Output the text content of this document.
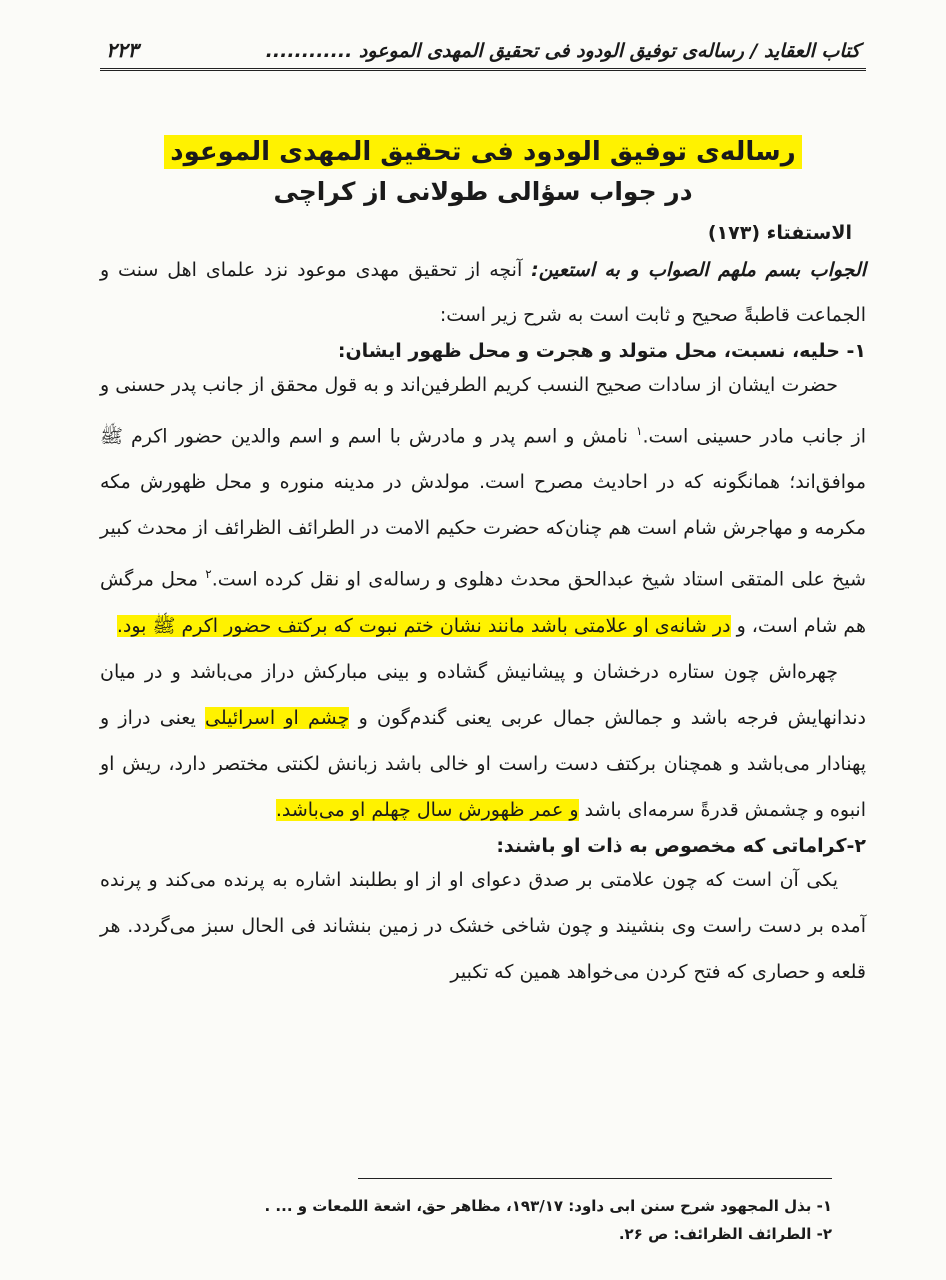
کتاب العقاید / رساله‌ی توفیق الودود فی تحقیق المهدی الموعود ............
۲۲۳
رساله‌ی توفیق الودود فی تحقیق المهدی الموعود
در جواب سؤالی طولانی از کراچی
الاستفتاء (۱۷۳)
الجواب بسم ملهم الصواب و به استعین: آنچه از تحقیق مهدی موعود نزد علمای اهل سنت و الجماعت قاطبةً صحیح و ثابت است به شرح زیر است:
۱- حلیه، نسبت، محل متولد و هجرت و محل ظهور ایشان:

حضرت ایشان از سادات صحیح النسب کریم الطرفین‌اند و به قول محقق از جانب پدر حسنی و از جانب مادر حسینی است.$^۱$ نامش و اسم پدر و مادرش با اسم و اسم والدین حضور اکرم ﷺ موافق‌اند؛ همانگونه که در احادیث مصرح است. مولدش در مدینه منوره و محل ظهورش مکه مکرمه و مهاجرش شام است هم چنان‌که حضرت حکیم الامت در الطرائف الظرائف از محدث کبیر شیخ علی المتقی استاد شیخ عبدالحق محدث دهلوی و رساله‌ی او نقل کرده است.$^۲$ محل مرگش هم شام است، و در شانه‌ی او علامتی باشد مانند نشان ختم نبوت که برکتف حضور اکرم ﷺ بود.

چهره‌اش چون ستاره درخشان و پیشانیش گشاده و بینی مبارکش دراز می‌باشد و در میان دندانهایش فرجه باشد و جمالش جمال عربی یعنی گندم‌گون و چشم او اسرائیلی یعنی دراز و پهنادار می‌باشد و همچنان برکتف دست راست او خالی باشد زبانش لکنتی مختصر دارد، ریش او انبوه و چشمش قدرةً سرمه‌ای باشد و عمر ظهورش سال چهلم او می‌باشد.

۲-کراماتی که مخصوص به ذات او باشند:

یکی آن است که چون علامتی بر صدق دعوای او از او بطلبند اشاره به پرنده می‌کند و پرنده آمده بر دست راست وی بنشیند و چون شاخی خشک در زمین بنشاند فی الحال سبز می‌گردد. هر قلعه و حصاری که فتح کردن می‌خواهد همین که تکبیر

۱- بذل المجهود شرح سنن ابی داود: ۱۹۳/۱۷، مظاهر حق، اشعة اللمعات و ... .
۲- الطرائف الظرائف: ص ۲۶.
